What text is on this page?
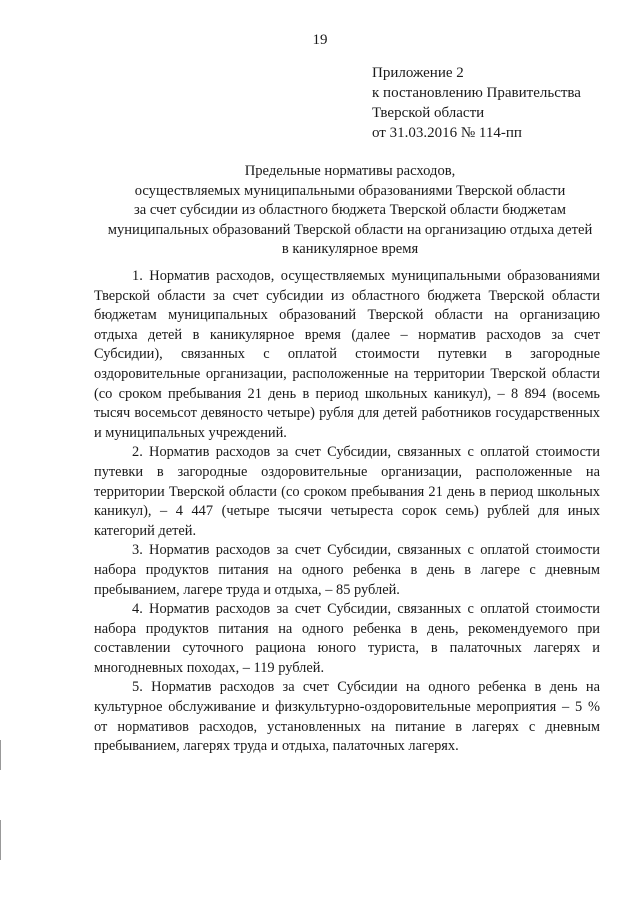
19
Приложение 2
к постановлению Правительства
Тверской области
от 31.03.2016 № 114-пп
Предельные нормативы расходов,
осуществляемых муниципальными образованиями Тверской области
за счет субсидии из областного бюджета Тверской области бюджетам
муниципальных образований Тверской области на организацию отдыха детей
в каникулярное время

1. Норматив расходов, осуществляемых муниципальными образованиями Тверской области за счет субсидии из областного бюджета Тверской области бюджетам муниципальных образований Тверской области на организацию отдыха детей в каникулярное время (далее – норматив расходов за счет Субсидии), связанных с оплатой стоимости путевки в загородные оздоровительные организации, расположенные на территории Тверской области (со сроком пребывания 21 день в период школьных каникул), – 8 894 (восемь тысяч восемьсот девяносто четыре) рубля для детей работников государственных и муниципальных учреждений.

2. Норматив расходов за счет Субсидии, связанных с оплатой стоимости путевки в загородные оздоровительные организации, расположенные на территории Тверской области (со сроком пребывания 21 день в период школьных каникул), – 4 447 (четыре тысячи четыреста сорок семь) рублей для иных категорий детей.

3. Норматив расходов за счет Субсидии, связанных с оплатой стоимости набора продуктов питания на одного ребенка в день в лагере с дневным пребыванием, лагере труда и отдыха, – 85 рублей.

4. Норматив расходов за счет Субсидии, связанных с оплатой стоимости набора продуктов питания на одного ребенка в день, рекомендуемого при составлении суточного рациона юного туриста, в палаточных лагерях и многодневных походах, – 119 рублей.

5. Норматив расходов за счет Субсидии на одного ребенка в день на культурное обслуживание и физкультурно-оздоровительные мероприятия – 5 % от нормативов расходов, установленных на питание в лагерях с дневным пребыванием, лагерях труда и отдыха, палаточных лагерях.
